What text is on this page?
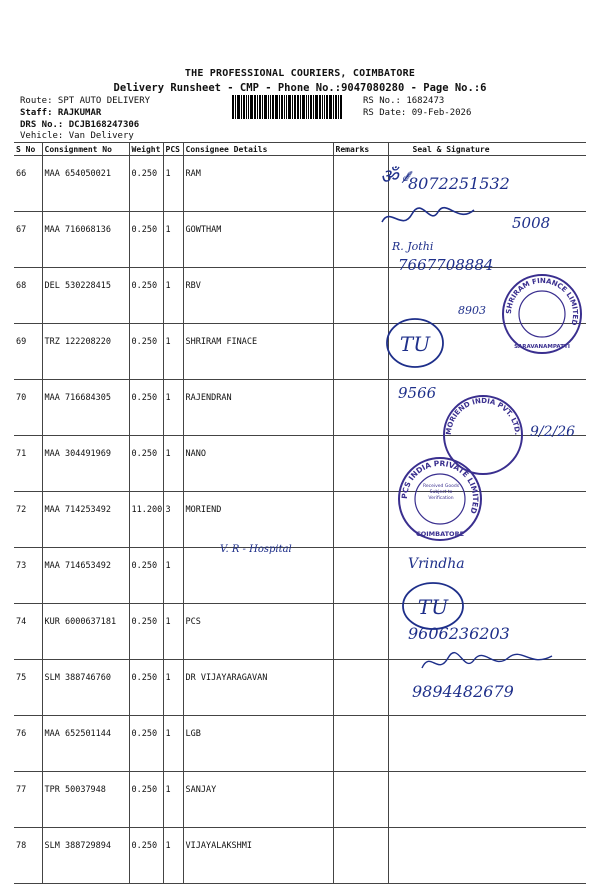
THE PROFESSIONAL COURIERS, COIMBATORE
Delivery Runsheet - CMP - Phone No.:9047080280 - Page No.:6
Route: SPT AUTO DELIVERY
Staff: RAJKUMAR
DRS No.: DCJB168247306
Vehicle: Van Delivery
RS No.: 1682473
RS Date: 09-Feb-2026
S No	Consignment No	Weight	PCS	Consignee Details	Remarks	Seal & Signature
66	MAA 654050021	0.250	1	RAM		
67	MAA 716068136	0.250	1	GOWTHAM		
68	DEL 530228415	0.250	1	RBV		
69	TRZ 122208220	0.250	1	SHRIRAM FINACE		
70	MAA 716684305	0.250	1	RAJENDRAN		
71	MAA 304491969	0.250	1	NANO		
72	MAA 714253492	11.200	3	MORIEND		
73	MAA 714653492	0.250	1			
74	KUR 6000637181	0.250	1	PCS		
75	SLM 388746760	0.250	1	DR VIJAYARAGAVAN		
76	MAA 652501144	0.250	1	LGB		
77	TPR 50037948	0.250	1	SANJAY		
78	SLM 388729894	0.250	1	VIJAYALAKSHMI		
ॐ⸙
8072251532
5008
R. Jothi
7667708884
8903	SHRIRAM FINANCE LIMITED
SARAVANAMPATTI
TU
9566
MORIEND INDIA PVT. LTD. 9/2/26
PCS INDIA PRIVATE LIMITED
COIMBATORE
Received Goods Subject to Verification
V. R - Hospital
Vrindha
TU
9606236203
9894482679
